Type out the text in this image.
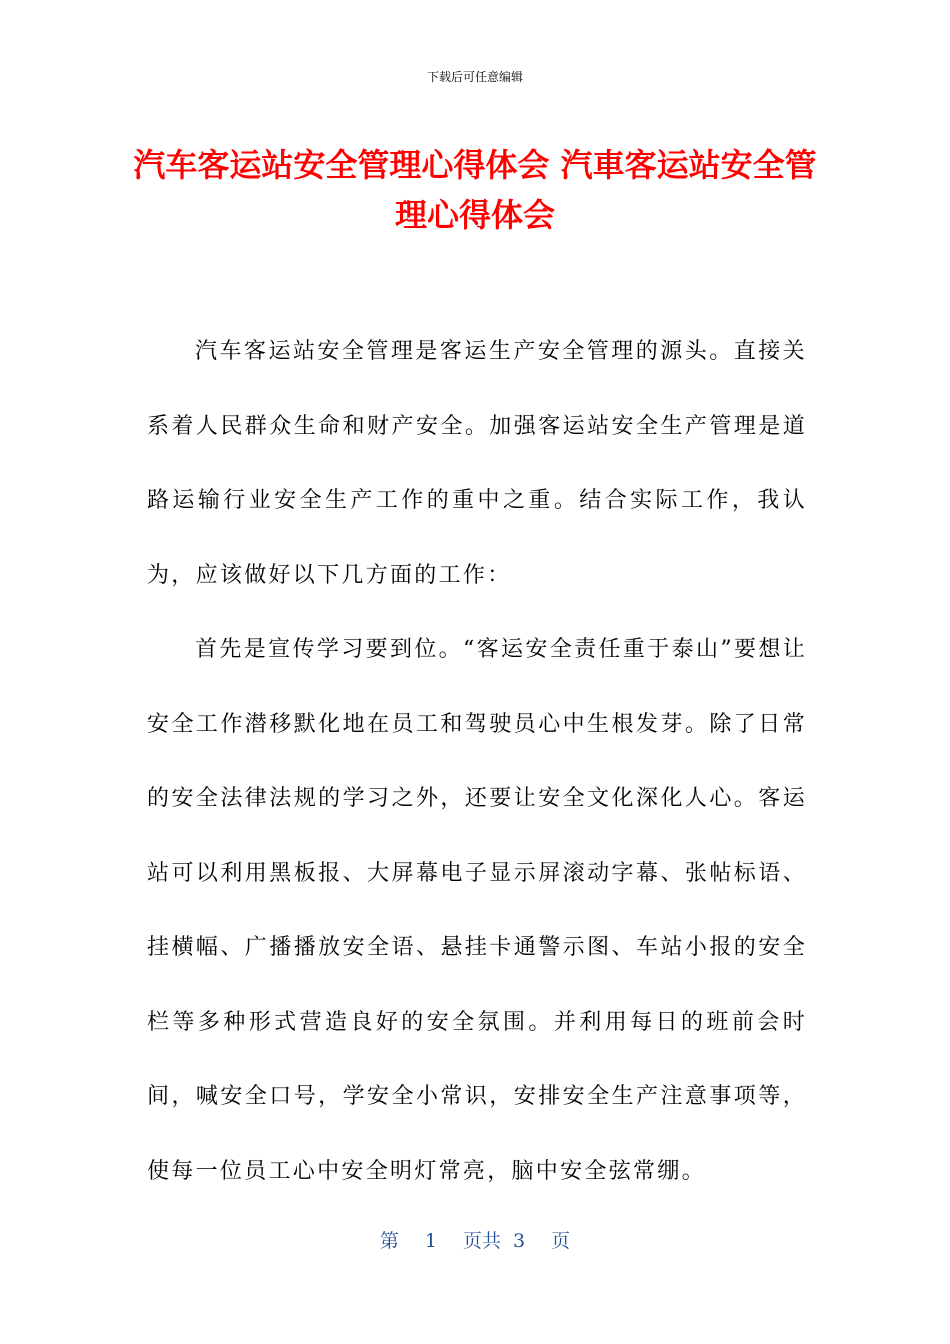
下载后可任意编辑
汽车客运站安全管理心得体会 汽車客运站安全管理心得体会

汽车客运站安全管理是客运生产安全管理的源头。直接关系着人民群众生命和财产安全。加强客运站安全生产管理是道路运输行业安全生产工作的重中之重。结合实际工作，我认为，应该做好以下几方面的工作：

首先是宣传学习要到位。“客运安全责任重于泰山”要想让安全工作潜移默化地在员工和驾驶员心中生根发芽。除了日常的安全法律法规的学习之外，还要让安全文化深化人心。客运站可以利用黑板报、大屏幕电子显示屏滚动字幕、张帖标语、挂横幅、广播播放安全语、悬挂卡通警示图、车站小报的安全栏等多种形式营造良好的安全氛围。并利用每日的班前会时间，喊安全口号，学安全小常识，安排安全生产注意事项等，使每一位员工心中安全明灯常亮，脑中安全弦常绷。

第 1 页共 3 页
